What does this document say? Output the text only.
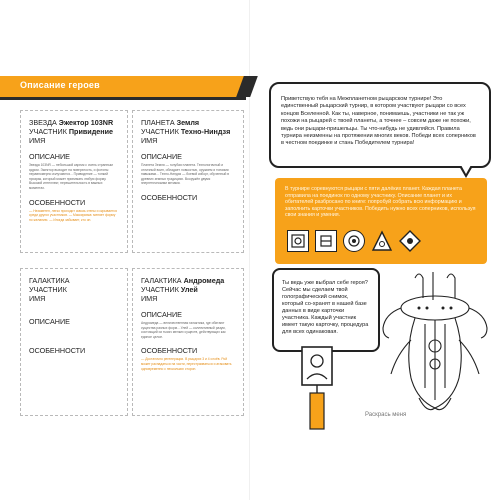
Описание героев
ЗВЕЗДА Эжектор 103NR
УЧАСТНИК Привидение
ИМЯ
ОПИСАНИЕ
Звезда 103NR — небольшой карлик с очень странным ядром. Эжектор выходит на поверхность, и фотоны неравномерно излучаются... Привидение — тонкий призрак, который может принимать любую форму. Высокий интеллект, нерешительность в важных моментах.
ОСОБЕННОСТИ
— Незаметен, легко проходит сквозь стены и скрывается среди других участников. — Маскировка: меняет форму по желанию. — Иногда забывает, кто он.
ПЛАНЕТА Земля
УЧАСТНИК Техно-Ниндзя
ИМЯ
ОПИСАНИЕ
Планета Земля — голубая планета. Технологичный и отличный воин, обладает ловкостью, оружием и тонкими навыками... Техно-Ниндзя — боевой киборг, обученный в древних земных традициях. Вооружён двумя энергетическими мечами.
ОСОБЕННОСТИ
ГАЛАКТИКА
УЧАСТНИК
ИМЯ
ОПИСАНИЕ
ОСОБЕННОСТИ
ГАЛАКТИКА Андромеда
УЧАСТНИК Улей
ИМЯ
ОПИСАНИЕ
Андромеда — величественная галактика, где обитают существа разных форм... Улей — коллективный разум, состоящий из тысяч мелких существ, действующих как единое целое.
ОСОБЕННОСТИ
— Достаточно регенерации. В рыцарях 3 и 4 слоёв. Рой может распадаться на части, перестраиваться и атаковать одновременно с нескольких сторон.
Приветствую тебя на Межпланетном рыцарском турнире! Это единственный рыцарский турнир, в котором участвуют рыцари со всех концов Вселенной. Как ты, наверное, понимаешь, участники не так уж похожи на рыцарей с твоей планеты, а точнее – совсем даже не похожи, ведь они рыцари-пришельцы. Ты что-нибудь не удивляйся. Правила турнира неизменны на протяжении многих веков. Победи всех соперников в честном поединке и стань Победителем турнира!
В турнире соревнуются рыцари с пяти далёких планет. Каждая планета отправила на поединок по одному участнику. Описание планет и их обитателей разбросано по книге: попробуй собрать всю информацию и заполнить карточки участников. Победить нужно всех соперников, используя свои знания и умения.
Ты ведь уже выбрал себе героя? Сейчас мы сделаем твой голографический снимок, который со-хранят в нашей базе данных в виде карточки участника. Каждый участник имеет такую карточку, процедура для всех одинаковая.
Раскрась меня
